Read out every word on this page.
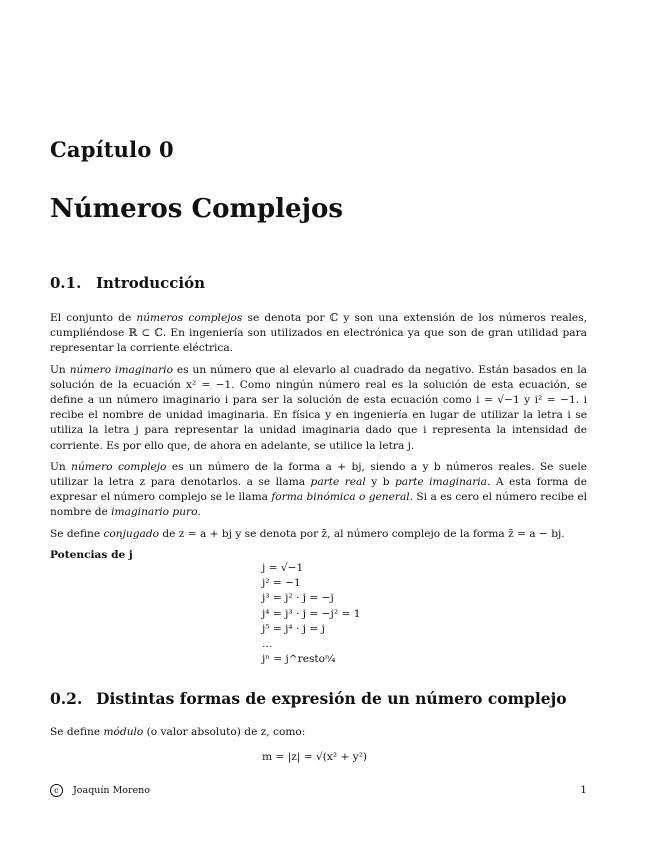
Capítulo 0
Números Complejos
0.1. Introducción

El conjunto de números complejos se denota por ℂ y son una extensión de los números reales, cumpliéndose ℝ ⊂ ℂ. En ingeniería son utilizados en electrónica ya que son de gran utilidad para representar la corriente eléctrica.

Un número imaginario es un número que al elevarlo al cuadrado da negativo. Están basados en la solución de la ecuación x² = −1. Como ningún número real es la solución de esta ecuación, se define a un número imaginario i para ser la solución de esta ecuación como i = √−1 y i² = −1. i recibe el nombre de unidad imaginaria. En física y en ingeniería en lugar de utilizar la letra i se utiliza la letra j para representar la unidad imaginaria dado que i representa la intensidad de corriente. Es por ello que, de ahora en adelante, se utilice la letra j.

Un número complejo es un número de la forma a + bj, siendo a y b números reales. Se suele utilizar la letra z para denotarlos. a se llama parte real y b parte imaginaria. A esta forma de expresar el número complejo se le llama forma binómica o general. Si a es cero el número recibe el nombre de imaginario puro.

Se define conjugado de z = a + bj y se denota por z̄, al número complejo de la forma z̄ = a − bj.

Potencias de j
j = √−1
j² = −1
j³ = j² · j = −j
j⁴ = j³ · j = −j² = 1
j⁵ = j⁴ · j = j
…
jⁿ = j^restoⁿ⁄₄
0.2. Distintas formas de expresión de un número complejo
Se define módulo (o valor absoluto) de z, como:
m = |z| = √(x² + y²)
c Joaquín Moreno	1
